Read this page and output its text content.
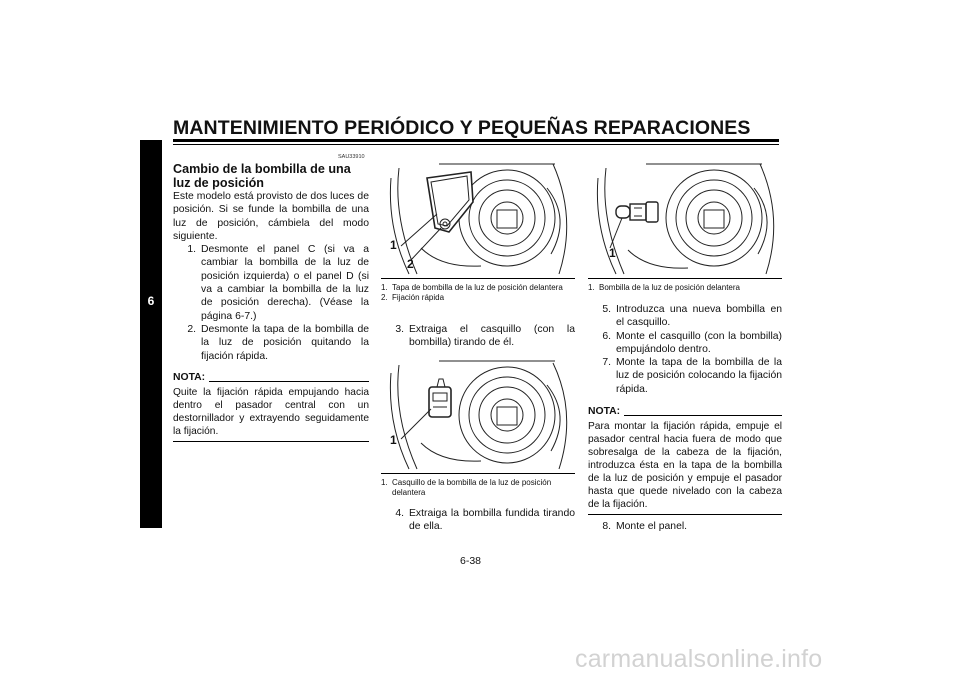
MANTENIMIENTO PERIÓDICO Y PEQUEÑAS REPARACIONES
6
SAU33910
Cambio de la bombilla de una luz de posición

Este modelo está provisto de dos luces de posición. Si se funde la bombilla de una luz de posición, cámbiela del modo siguiente.

1. Desmonte el panel C (si va a cambiar la bombilla de la luz de posición izquierda) o el panel D (si va a cambiar la bombilla de la luz de posición derecha). (Véase la página 6-7.)
2. Desmonte la tapa de la bombilla de la luz de posición quitando la fijación rápida.
NOTA:
Quite la fijación rápida empujando hacia dentro el pasador central con un destornillador y extrayendo seguidamente la fijación.
1
2
1. Tapa de bombilla de la luz de posición delantera
2. Fijación rápida
3. Extraiga el casquillo (con la bombilla) tirando de él.
1
1. Casquillo de la bombilla de la luz de posición delantera
4. Extraiga la bombilla fundida tirando de ella.
1
1. Bombilla de la luz de posición delantera
5. Introduzca una nueva bombilla en el casquillo.
6. Monte el casquillo (con la bombilla) empujándolo dentro.
7. Monte la tapa de la bombilla de la luz de posición colocando la fijación rápida.
NOTA:
Para montar la fijación rápida, empuje el pasador central hacia fuera de modo que sobresalga de la cabeza de la fijación, introduzca ésta en la tapa de la bombilla de la luz de posición y empuje el pasador hasta que quede nivelado con la cabeza de la fijación.
8. Monte el panel.
6-38
carmanualsonline.info
